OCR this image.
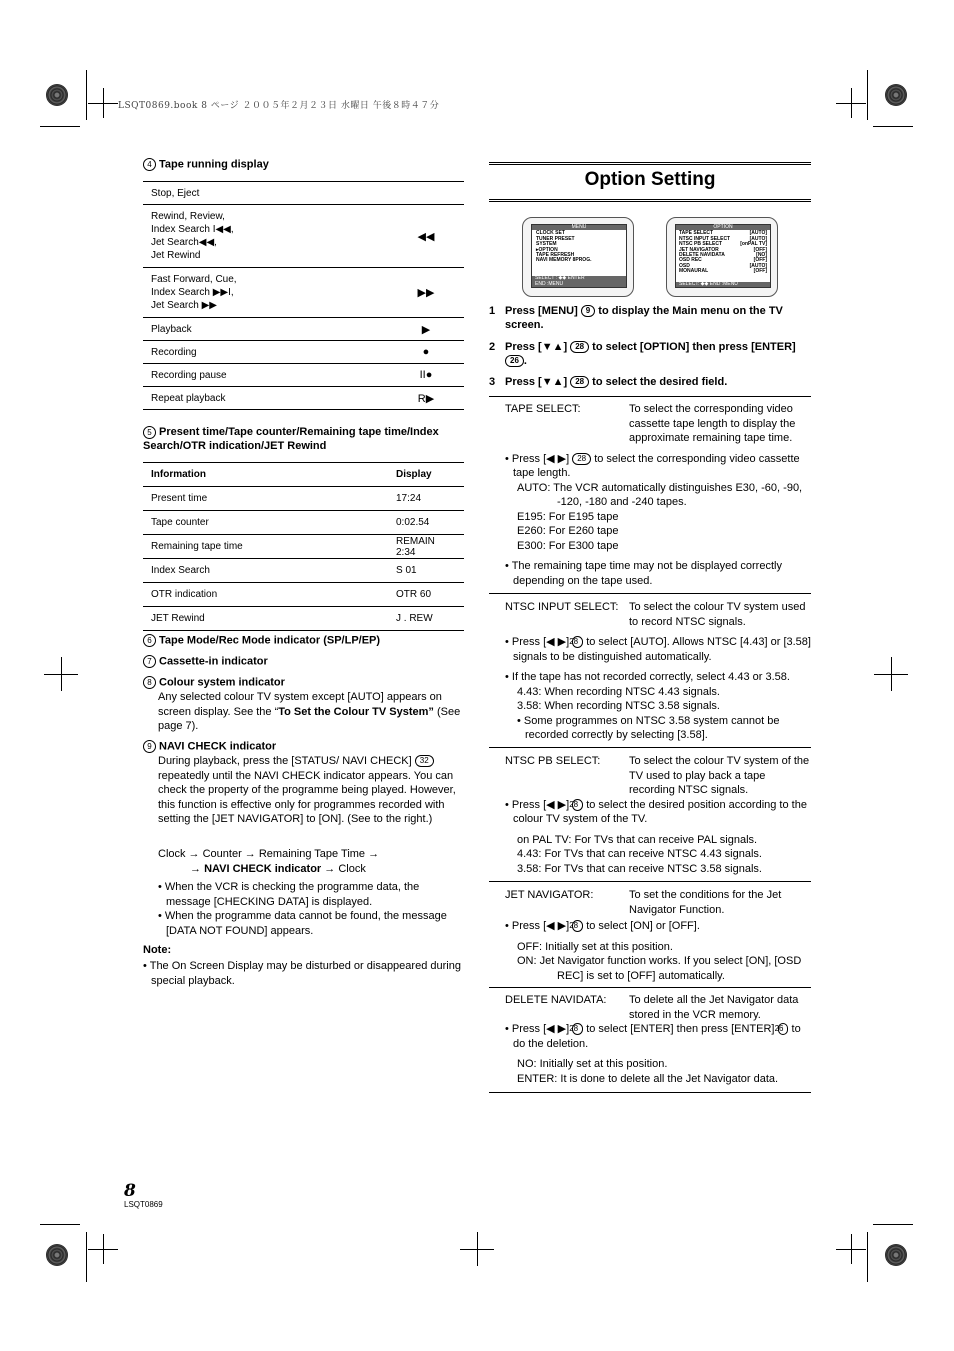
LSQT0869.book 8 ページ ２００５年２月２３日 水曜日 午後８時４７分
4 Tape running display
Stop, Eject	
Rewind, Review,
Index Search I◀◀,
Jet Search◀◀,
Jet Rewind	◀◀
Fast Forward, Cue,
Index Search ▶▶I,
Jet Search ▶▶	▶▶
Playback	▶
Recording	●
Recording pause	II●
Repeat playback	R▶
5 Present time/Tape counter/Remaining tape time/Index Search/OTR indication/JET Rewind
Information	Display
Present time	17:24
Tape counter	0:02.54
Remaining tape time	REMAIN 2:34
Index Search	S 01
OTR indication	OTR 60
JET Rewind	J . REW
6 Tape Mode/Rec Mode indicator (SP/LP/EP)
7 Cassette-in indicator
8 Colour system indicator
Any selected colour TV system except [AUTO] appears on screen display. See the “To Set the Colour TV System” (See page 7).
9 NAVI CHECK indicator
During playback, press the [STATUS/ NAVI CHECK] 32 repeatedly until the NAVI CHECK indicator appears. You can check the property of the programme being played. However, this function is effective only for programmes recorded with setting the [JET NAVIGATOR] to [ON]. (See to the right.)
Clock → Counter → Remaining Tape Time →
→ NAVI CHECK indicator → Clock
• When the VCR is checking the programme data, the message [CHECKING DATA] is displayed.
• When the programme data cannot be found, the message [DATA NOT FOUND] appears.
Note:
• The On Screen Display may be disturbed or disappeared during special playback.
8
LSQT0869
Option Setting
MENU
CLOCK SET
TUNER PRESET
SYSTEM
▸OPTION
TAPE REFRESH
NAVI MEMORY 8PROG.
SELECT : ◆◆ ENTER
END :MENU
OPTION
TAPE SELECT	[AUTO]
NTSC INPUT SELECT	[AUTO]
NTSC PB SELECT	[onPAL TV]
JET NAVIGATOR	[OFF]
DELETE NAVIDATA	[NO]
OSD REC	[OFF]
OSD	[AUTO]
MONAURAL	[OFF]
SELECT: ◆◆ END :MENU
1 Press [MENU] 9 to display the Main menu on the TV screen.
2 Press [▼▲] 28 to select [OPTION] then press [ENTER] 26 .
3 Press [▼▲] 28 to select the desired field.
TAPE SELECT:	To select the corresponding video cassette tape length to display the approximate remaining tape time.
• Press [◀ ▶] 28 to select the corresponding video cassette tape length.
AUTO: The VCR automatically distinguishes E30, -60, -90, -120, -180 and -240 tapes.
E195: For E195 tape
E260: For E260 tape
E300: For E300 tape
• The remaining tape time may not be displayed correctly depending on the tape used.
NTSC INPUT SELECT: To select the colour TV system used to record NTSC signals.
• Press [◀ ▶] 28 to select [AUTO]. Allows NTSC [4.43] or [3.58] signals to be distinguished automatically.
• If the tape has not recorded correctly, select 4.43 or 3.58.
4.43: When recording NTSC 4.43 signals.
3.58: When recording NTSC 3.58 signals.
• Some programmes on NTSC 3.58 system cannot be recorded correctly by selecting [3.58].
NTSC PB SELECT:	To select the colour TV system of the TV used to play back a tape recording NTSC signals.
• Press [◀ ▶] 28 to select the desired position according to the colour TV system of the TV.
on PAL TV: For TVs that can receive PAL signals.
4.43: For TVs that can receive NTSC 4.43 signals.
3.58: For TVs that can receive NTSC 3.58 signals.
JET NAVIGATOR:	To set the conditions for the Jet Navigator Function.
• Press [◀ ▶] 28 to select [ON] or [OFF].
OFF: Initially set at this position.
ON: Jet Navigator function works. If you select [ON], [OSD REC] is set to [OFF] automatically.
DELETE NAVIDATA:	To delete all the Jet Navigator data stored in the VCR memory.
• Press [◀ ▶] 28 to select [ENTER] then press [ENTER] 26 to do the deletion.
NO: Initially set at this position.
ENTER: It is done to delete all the Jet Navigator data.
